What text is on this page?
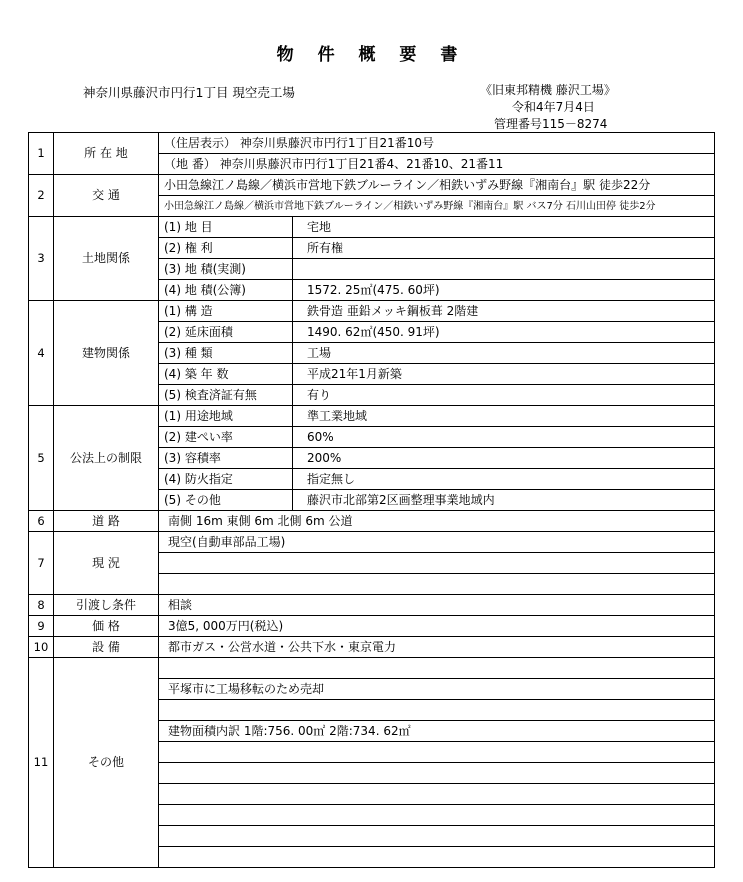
物 件 概 要 書
神奈川県藤沢市円行1丁目 現空売工場	《旧東邦精機 藤沢工場》
令和4年7月4日
管理番号115－8274
1	所 在 地	（住居表示） 神奈川県藤沢市円行1丁目21番10号	
		（地 番） 神奈川県藤沢市円行1丁目21番4、21番10、21番11	
2	交 通	小田急線江ノ島線／横浜市営地下鉄ブルーライン／相鉄いずみ野線『湘南台』駅 徒歩22分	
		小田急線江ノ島線／横浜市営地下鉄ブルーライン／相鉄いずみ野線『湘南台』駅 バス7分 石川山田停 徒歩2分	
3	土地関係	(1) 地 目	宅地
		(2) 権 利	所有権
		(3) 地 積(実測)	
		(4) 地 積(公簿)	1572. 25㎡(475. 60坪)
4	建物関係	(1) 構 造	鉄骨造 亜鉛メッキ鋼板葺 2階建
		(2) 延床面積	1490. 62㎡(450. 91坪)
		(3) 種 類	工場
		(4) 築 年 数	平成21年1月新築
		(5) 検査済証有無	有り
5	公法上の制限	(1) 用途地域	準工業地域
		(2) 建ぺい率	60%
		(3) 容積率	200%
		(4) 防火指定	指定無し
		(5) その他	藤沢市北部第2区画整理事業地域内
6	道 路	南側 16m 東側 6m 北側 6m 公道	
7	現 況	現空(自動車部品工場)	

8	引渡し条件	相談	
9	価 格	3億5, 000万円(税込)	
10	設 備	都市ガス・公営水道・公共下水・東京電力	
11	その他		
		平塚市に工場移転のため売却	

		建物面積内訳 1階:756. 00㎡ 2階:734. 62㎡	
